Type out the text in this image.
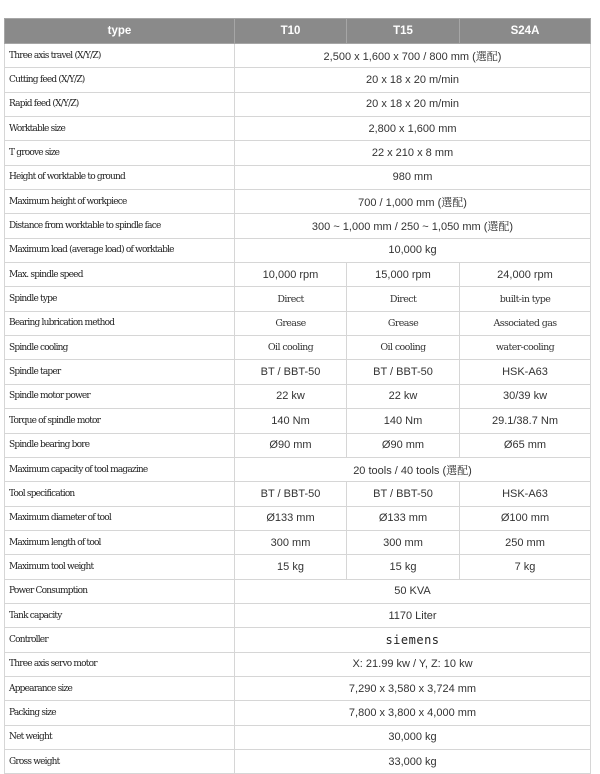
type	T10	T15	S24A
Three axis travel (X/Y/Z)	2,500 x 1,600 x 700 / 800 mm (選配)		
Cutting feed (X/Y/Z)	20 x 18 x 20 m/min		
Rapid feed (X/Y/Z)	20 x 18 x 20 m/min		
Worktable size	2,800 x 1,600 mm		
T groove size	22 x 210 x 8 mm		
Height of worktable to ground	980 mm		
Maximum height of workpiece	700 / 1,000 mm (選配)		
Distance from worktable to spindle face	300 ~ 1,000 mm / 250 ~ 1,050 mm (選配)		
Maximum load (average load) of worktable	10,000 kg		
Max. spindle speed	10,000 rpm	15,000 rpm	24,000 rpm
Spindle type	Direct	Direct	built-in type
Bearing lubrication method	Grease	Grease	Associated gas
Spindle cooling	Oil cooling	Oil cooling	water-cooling
Spindle taper	BT / BBT-50	BT / BBT-50	HSK-A63
Spindle motor power	22 kw	22 kw	30/39 kw
Torque of spindle motor	140 Nm	140 Nm	29.1/38.7 Nm
Spindle bearing bore	Ø90 mm	Ø90 mm	Ø65 mm
Maximum capacity of tool magazine	20 tools / 40 tools (選配)		
Tool specification	BT / BBT-50	BT / BBT-50	HSK-A63
Maximum diameter of tool	Ø133 mm	Ø133 mm	Ø100 mm
Maximum length of tool	300 mm	300 mm	250 mm
Maximum tool weight	15 kg	15 kg	7 kg
Power Consumption	50 KVA		
Tank capacity	1170 Liter		
Controller	siemens		
Three axis servo motor	X: 21.99 kw / Y, Z: 10 kw		
Appearance size	7,290 x 3,580 x 3,724 mm		
Packing size	7,800 x 3,800 x 4,000 mm		
Net weight	30,000 kg		
Gross weight	33,000 kg		
